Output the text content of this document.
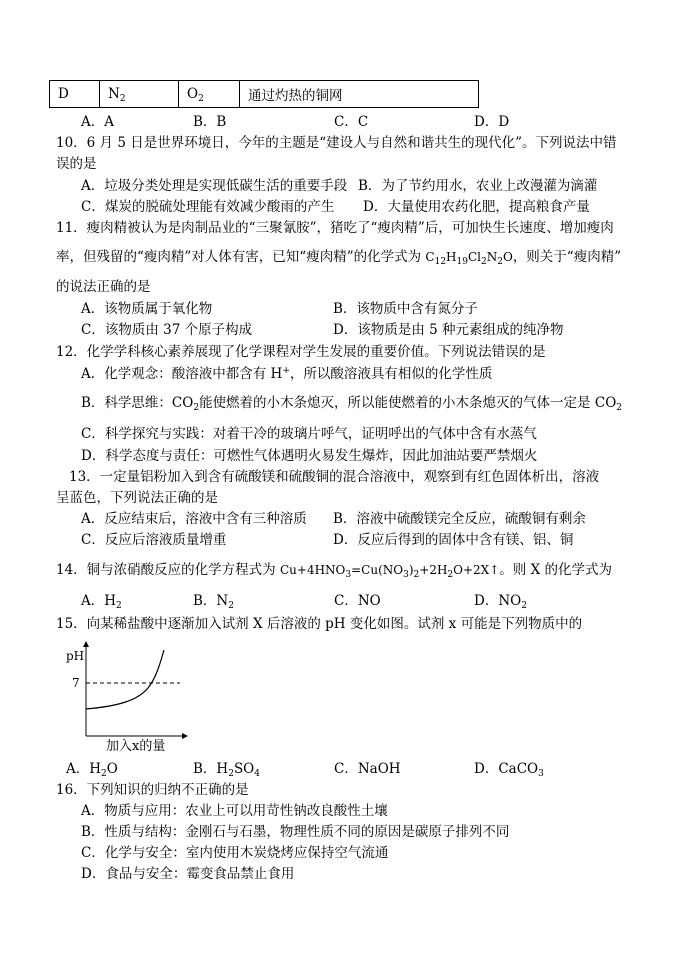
D	$N_2$	$O_2$	通过灼热的铜网
A．A	B．B	C．C	D．D
10．6 月 5 日是世界环境日，今年的主题是“建设人与自然和谐共生的现代化”。下列说法中错
误的是
A．垃圾分类处理是实现低碳生活的重要手段 B．为了节约用水，农业上改漫灌为滴灌
C．煤炭的脱硫处理能有效减少酸雨的产生 D．大量使用农药化肥，提高粮食产量
11．瘦肉精被认为是肉制品业的“三聚氰胺”，猪吃了“瘦肉精”后，可加快生长速度、增加瘦肉
率，但残留的“瘦肉精”对人体有害，已知“瘦肉精”的化学式为 $C_{12}H_{19}Cl_2N_2O$，则关于“瘦肉精”
的说法正确的是
A．该物质属于氧化物	B．该物质中含有氮分子
C．该物质由 37 个原子构成	D．该物质是由 5 种元素组成的纯净物
12．化学学科核心素养展现了化学课程对学生发展的重要价值。下列说法错误的是
A．化学观念：酸溶液中都含有 H+，所以酸溶液具有相似的化学性质
B．科学思维：$CO_2$能使燃着的小木条熄灭，所以能使燃着的小木条熄灭的气体一定是 $CO_2$
C．科学探究与实践：对着干冷的玻璃片呼气，证明呼出的气体中含有水蒸气
D．科学态度与责任：可燃性气体遇明火易发生爆炸，因此加油站要严禁烟火
13．一定量铝粉加入到含有硫酸镁和硫酸铜的混合溶液中，观察到有红色固体析出，溶液
呈蓝色，下列说法正确的是
A．反应结束后，溶液中含有三种溶质 B．溶液中硫酸镁完全反应，硫酸铜有剩余
C．反应后溶液质量增重	D．反应后得到的固体中含有镁、铝、铜
14．铜与浓硝酸反应的化学方程式为 $Cu+4HNO_3=Cu(NO_3)_2+2H_2O+2X↑$。则 X 的化学式为
A．$H_2$	B．$N_2$	C．NO	D．$NO_2$
15．向某稀盐酸中逐渐加入试剂 X 后溶液的 pH 变化如图。试剂 x 可能是下列物质中的
pH
7
加入x的量
A．$H_2O$	B．$H_2SO_4$	C．NaOH	D．CaCO$_3$
16．下列知识的归纳不正确的是
A．物质与应用：农业上可以用苛性钠改良酸性土壤
B．性质与结构：金刚石与石墨，物理性质不同的原因是碳原子排列不同
C．化学与安全：室内使用木炭烧烤应保持空气流通
D．食品与安全：霉变食品禁止食用
